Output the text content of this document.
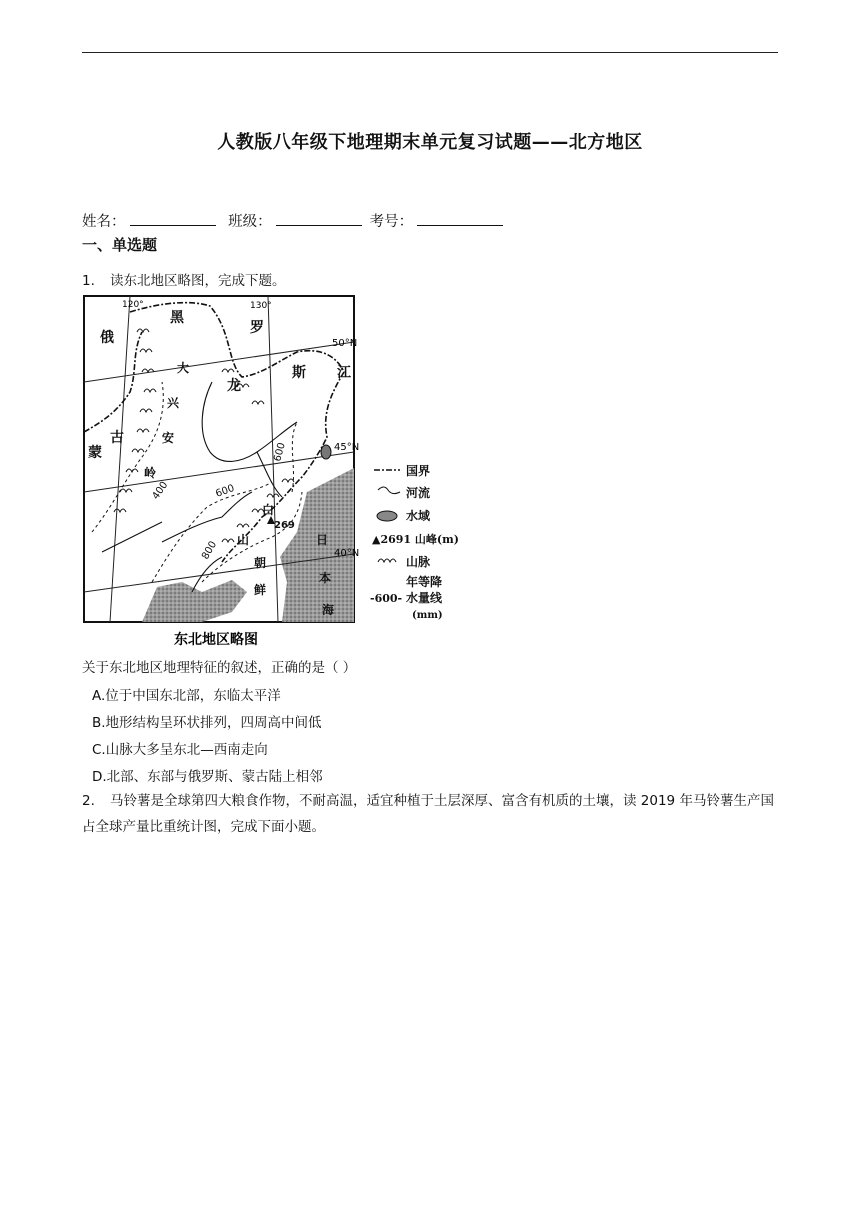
人教版八年级下地理期末单元复习试题——北方地区
姓名：	班级：	考号：
一、单选题
1. 读东北地区略图，完成下题。
120°	130°
50°N
45°N
40°N
俄
罗
斯
黑
龙
江
蒙
古
大
兴
安
岭
白
山
朝
鲜
日
本
海
400
800
600
600
269
国界
河流
水域
▲2691 山峰(m)
山脉
年等降
-600- 水量线
(mm)
东北地区略图
关于东北地区地理特征的叙述，正确的是（ ）
A.位于中国东北部，东临太平洋
B.地形结构呈环状排列，四周高中间低
C.山脉大多呈东北—西南走向
D.北部、东部与俄罗斯、蒙古陆上相邻
2. 马铃薯是全球第四大粮食作物，不耐高温，适宜种植于土层深厚、富含有机质的土壤，读 2019 年马铃薯生产国占全球产量比重统计图，完成下面小题。
